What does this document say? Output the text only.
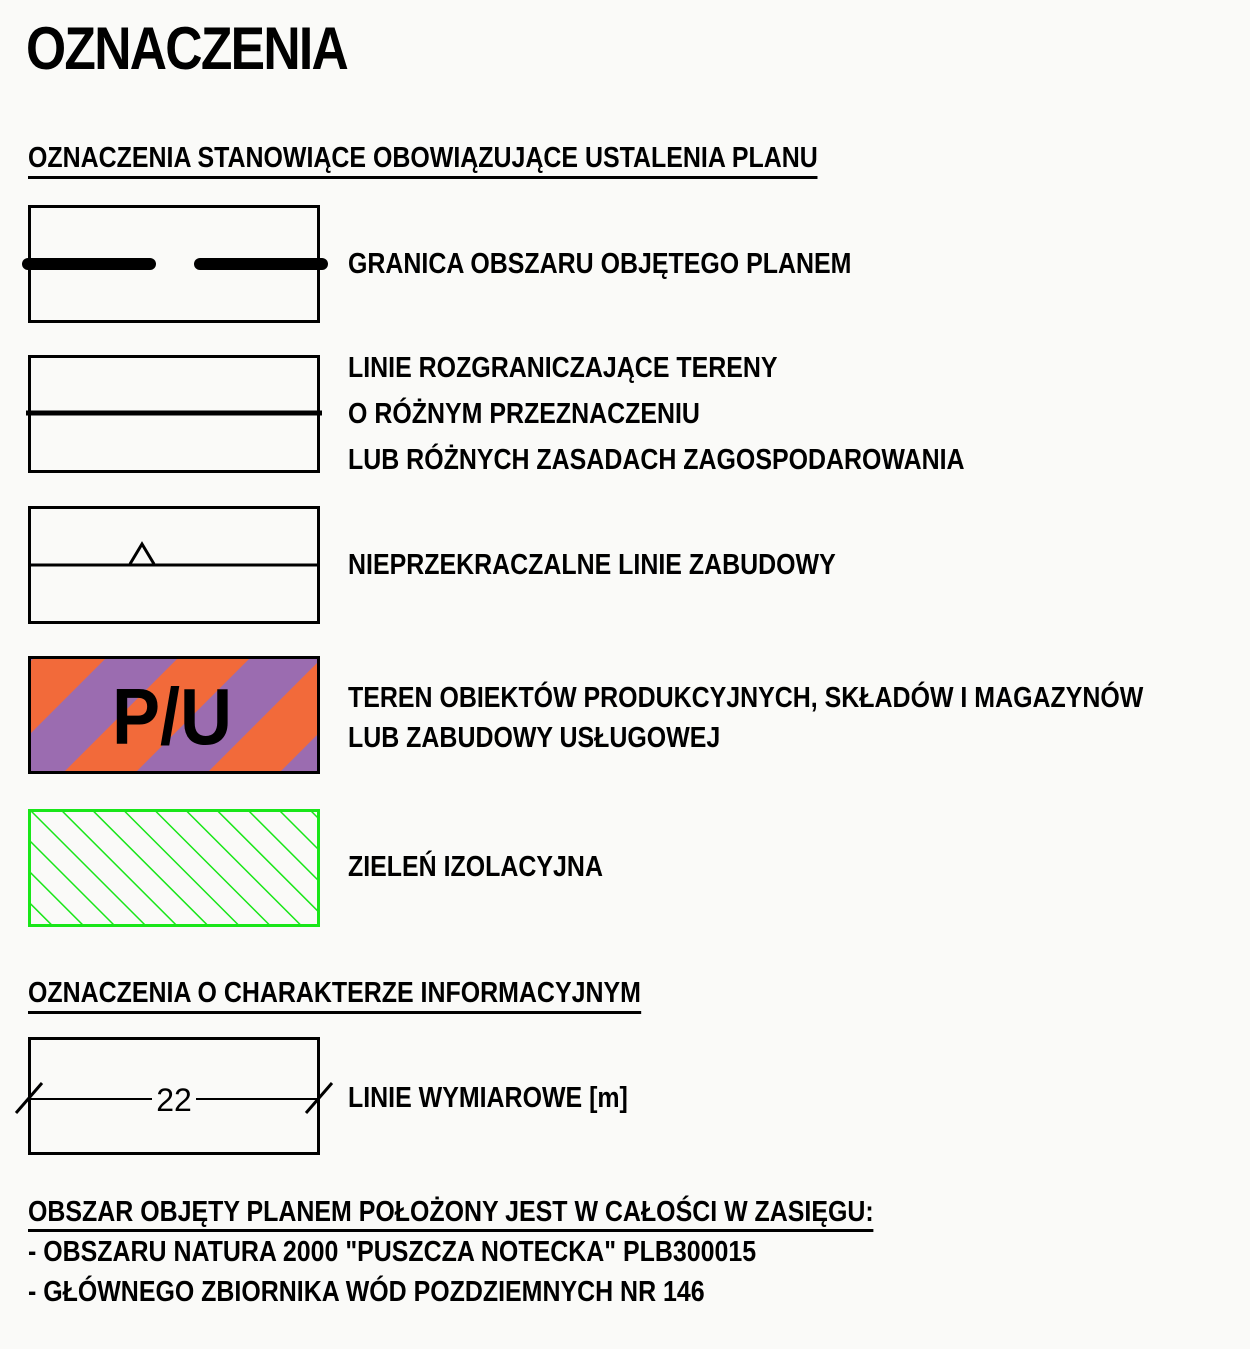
OZNACZENIA
OZNACZENIA STANOWIĄCE OBOWIĄZUJĄCE USTALENIA PLANU
GRANICA OBSZARU OBJĘTEGO PLANEM
LINIE ROZGRANICZAJĄCE TERENY
O RÓŻNYM PRZEZNACZENIU
LUB RÓŻNYCH ZASADACH ZAGOSPODAROWANIA
NIEPRZEKRACZALNE LINIE ZABUDOWY
P/U	TEREN OBIEKTÓW PRODUKCYJNYCH, SKŁADÓW I MAGAZYNÓW
LUB ZABUDOWY USŁUGOWEJ
ZIELEŃ IZOLACYJNA
OZNACZENIA O CHARAKTERZE INFORMACYJNYM
22	LINIE WYMIAROWE [m]
OBSZAR OBJĘTY PLANEM POŁOŻONY JEST W CAŁOŚCI W ZASIĘGU:
- OBSZARU NATURA 2000 "PUSZCZA NOTECKA" PLB300015
- GŁÓWNEGO ZBIORNIKA WÓD POZDZIEMNYCH NR 146
